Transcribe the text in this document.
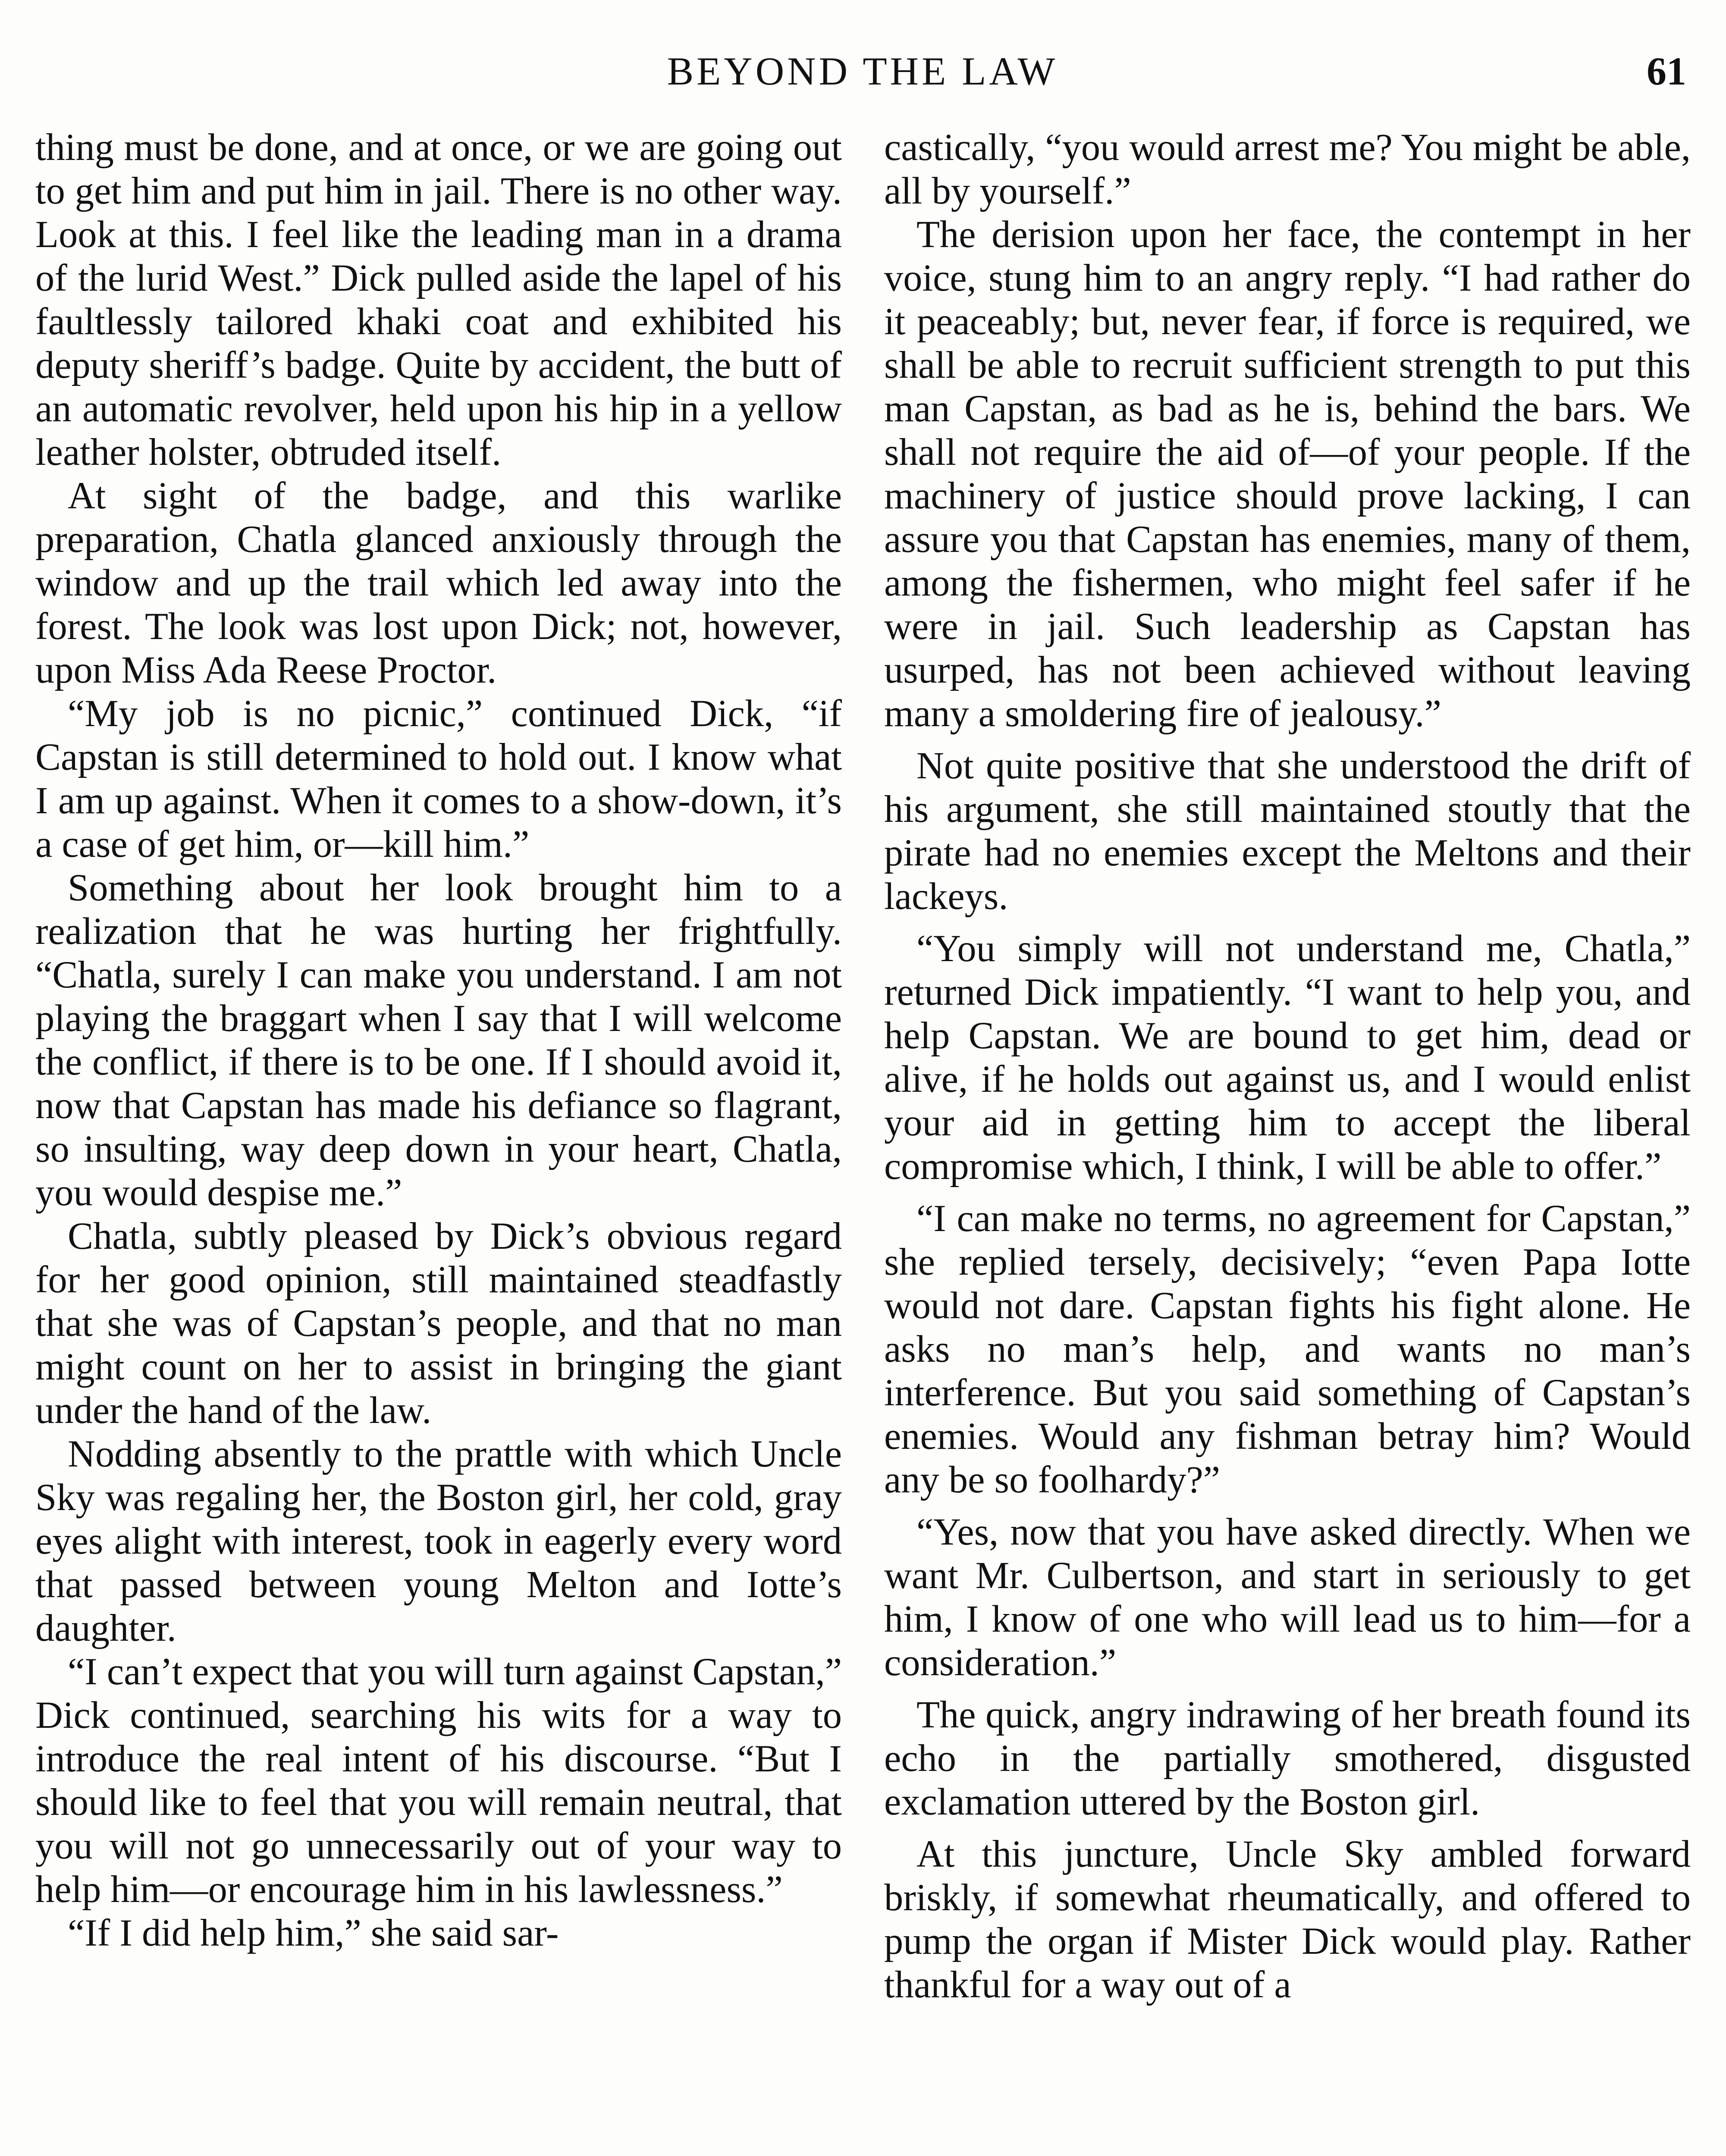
BEYOND THE LAW	61

thing must be done, and at once, or we are going out to get him and put him in jail. There is no other way. Look at this. I feel like the leading man in a drama of the lurid West.” Dick pulled aside the lapel of his faultlessly tailored khaki coat and exhibited his deputy sheriff’s badge. Quite by accident, the butt of an automatic revolver, held upon his hip in a yellow leather holster, obtruded itself.

At sight of the badge, and this warlike preparation, Chatla glanced anxiously through the window and up the trail which led away into the forest. The look was lost upon Dick; not, however, upon Miss Ada Reese Proctor.

“My job is no picnic,” continued Dick, “if Capstan is still determined to hold out. I know what I am up against. When it comes to a show-down, it’s a case of get him, or—kill him.”

Something about her look brought him to a realization that he was hurting her frightfully. “Chatla, surely I can make you understand. I am not playing the braggart when I say that I will welcome the conflict, if there is to be one. If I should avoid it, now that Capstan has made his defiance so flagrant, so insulting, way deep down in your heart, Chatla, you would despise me.”

Chatla, subtly pleased by Dick’s obvious regard for her good opinion, still maintained steadfastly that she was of Capstan’s people, and that no man might count on her to assist in bringing the giant under the hand of the law.

Nodding absently to the prattle with which Uncle Sky was regaling her, the Boston girl, her cold, gray eyes alight with interest, took in eagerly every word that passed between young Melton and Iotte’s daughter.

“I can’t expect that you will turn against Capstan,” Dick continued, searching his wits for a way to introduce the real intent of his discourse. “But I should like to feel that you will remain neutral, that you will not go unnecessarily out of your way to help him—or encourage him in his lawlessness.”

“If I did help him,” she said sar-

castically, “you would arrest me? You might be able, all by yourself.”

The derision upon her face, the contempt in her voice, stung him to an angry reply. “I had rather do it peaceably; but, never fear, if force is required, we shall be able to recruit sufficient strength to put this man Capstan, as bad as he is, behind the bars. We shall not require the aid of—of your people. If the machinery of justice should prove lacking, I can assure you that Capstan has enemies, many of them, among the fishermen, who might feel safer if he were in jail. Such leadership as Capstan has usurped, has not been achieved without leaving many a smoldering fire of jealousy.”

Not quite positive that she understood the drift of his argument, she still maintained stoutly that the pirate had no enemies except the Meltons and their lackeys.

“You simply will not understand me, Chatla,” returned Dick impatiently. “I want to help you, and help Capstan. We are bound to get him, dead or alive, if he holds out against us, and I would enlist your aid in getting him to accept the liberal compromise which, I think, I will be able to offer.”

“I can make no terms, no agreement for Capstan,” she replied tersely, decisively; “even Papa Iotte would not dare. Capstan fights his fight alone. He asks no man’s help, and wants no man’s interference. But you said something of Capstan’s enemies. Would any fishman betray him? Would any be so foolhardy?”

“Yes, now that you have asked directly. When we want Mr. Culbertson, and start in seriously to get him, I know of one who will lead us to him—for a consideration.”

The quick, angry indrawing of her breath found its echo in the partially smothered, disgusted exclamation uttered by the Boston girl.

At this juncture, Uncle Sky ambled forward briskly, if somewhat rheumatically, and offered to pump the organ if Mister Dick would play. Rather thankful for a way out of a
